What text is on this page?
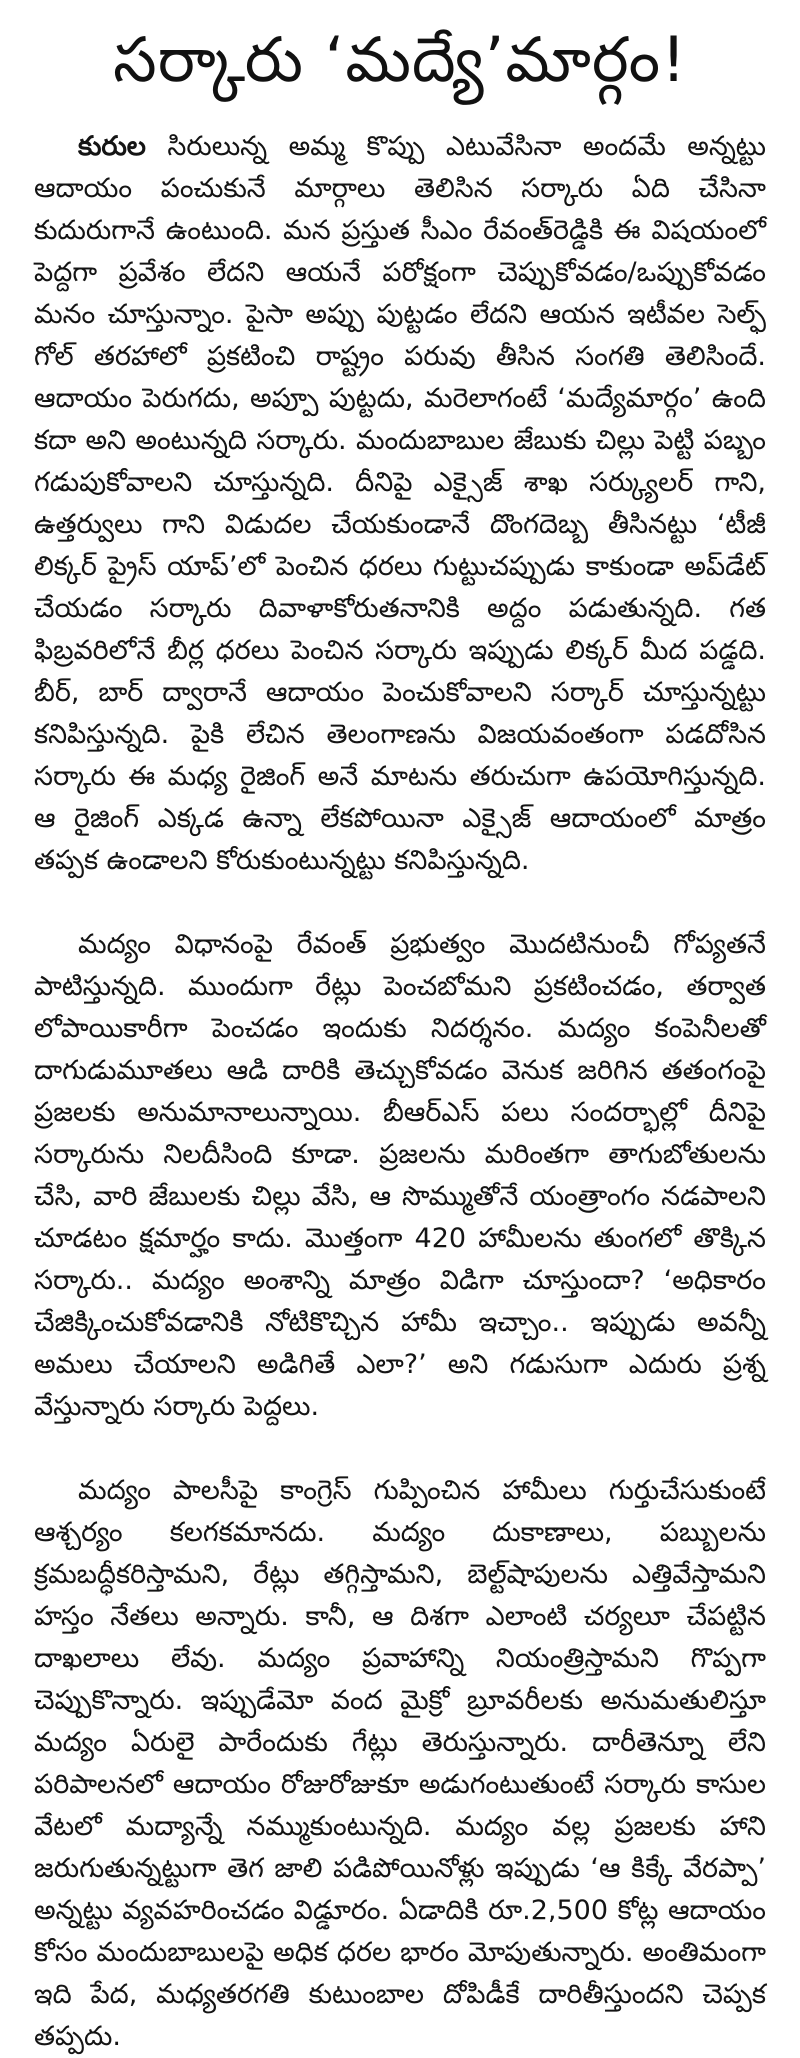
సర్కారు ‘మద్యే’మార్గం!

కురుల సిరులున్న అమ్మ కొప్పు ఎటువేసినా అందమే అన్నట్టు ఆదాయం పంచుకునే మార్గాలు తెలిసిన సర్కారు ఏది చేసినా కుదురుగానే ఉంటుంది. మన ప్రస్తుత సీఎం రేవంత్‌రెడ్డికి ఈ విషయంలో పెద్దగా ప్రవేశం లేదని ఆయనే పరోక్షంగా చెప్పుకోవడం/ఒప్పుకోవడం మనం చూస్తున్నాం. పైసా అప్పు పుట్టడం లేదని ఆయన ఇటీవల సెల్ఫ్ గోల్ తరహాలో ప్రకటించి రాష్ట్రం పరువు తీసిన సంగతి తెలిసిందే. ఆదాయం పెరుగదు, అప్పూ పుట్టదు, మరెలాగంటే ‘మద్యేమార్గం’ ఉంది కదా అని అంటున్నది సర్కారు. మందుబాబుల జేబుకు చిల్లు పెట్టి పబ్బం గడుపుకోవాలని చూస్తున్నది. దీనిపై ఎక్సైజ్ శాఖ సర్క్యులర్ గాని, ఉత్తర్వులు గాని విడుదల చేయకుండానే దొంగదెబ్బ తీసినట్టు ‘టీజీ లిక్కర్ ప్రైస్ యాప్’లో పెంచిన ధరలు గుట్టుచప్పుడు కాకుండా అప్‌డేట్ చేయడం సర్కారు దివాళాకోరుతనానికి అద్దం పడుతున్నది. గత ఫిబ్రవరిలోనే బీర్ల ధరలు పెంచిన సర్కారు ఇప్పుడు లిక్కర్ మీద పడ్డది. బీర్, బార్ ద్వారానే ఆదాయం పెంచుకోవాలని సర్కార్ చూస్తున్నట్టు కనిపిస్తున్నది. పైకి లేచిన తెలంగాణను విజయవంతంగా పడదోసిన సర్కారు ఈ మధ్య రైజింగ్ అనే మాటను తరుచుగా ఉపయోగిస్తున్నది. ఆ రైజింగ్ ఎక్కడ ఉన్నా లేకపోయినా ఎక్సైజ్ ఆదాయంలో మాత్రం తప్పక ఉండాలని కోరుకుంటున్నట్టు కనిపిస్తున్నది.

మద్యం విధానంపై రేవంత్ ప్రభుత్వం మొదటినుంచీ గోప్యతనే పాటిస్తున్నది. ముందుగా రేట్లు పెంచబోమని ప్రకటించడం, తర్వాత లోపాయికారీగా పెంచడం ఇందుకు నిదర్శనం. మద్యం కంపెనీలతో దాగుడుమూతలు ఆడి దారికి తెచ్చుకోవడం వెనుక జరిగిన తతంగంపై ప్రజలకు అనుమానాలున్నాయి. బీఆర్ఎస్ పలు సందర్భాల్లో దీనిపై సర్కారును నిలదీసింది కూడా. ప్రజలను మరింతగా తాగుబోతులను చేసి, వారి జేబులకు చిల్లు వేసి, ఆ సొమ్ముతోనే యంత్రాంగం నడపాలని చూడటం క్షమార్హం కాదు. మొత్తంగా 420 హామీలను తుంగలో తొక్కిన సర్కారు.. మద్యం అంశాన్ని మాత్రం విడిగా చూస్తుందా? ‘అధికారం చేజిక్కించుకోవడానికి నోటికొచ్చిన హామీ ఇచ్చాం.. ఇప్పుడు అవన్నీ అమలు చేయాలని అడిగితే ఎలా?’ అని గడుసుగా ఎదురు ప్రశ్న వేస్తున్నారు సర్కారు పెద్దలు.

మద్యం పాలసీపై కాంగ్రెస్ గుప్పించిన హామీలు గుర్తుచేసుకుంటే ఆశ్చర్యం కలగకమానదు. మద్యం దుకాణాలు, పబ్బులను క్రమబద్ధీకరిస్తామని, రేట్లు తగ్గిస్తామని, బెల్ట్‌షాపులను ఎత్తివేస్తామని హస్తం నేతలు అన్నారు. కానీ, ఆ దిశగా ఎలాంటి చర్యలూ చేపట్టిన దాఖలాలు లేవు. మద్యం ప్రవాహాన్ని నియంత్రిస్తామని గొప్పగా చెప్పుకొన్నారు. ఇప్పుడేమో వంద మైక్రో బ్రూవరీలకు అనుమతులిస్తూ మద్యం ఏరులై పారేందుకు గేట్లు తెరుస్తున్నారు. దారీతెన్నూ లేని పరిపాలనలో ఆదాయం రోజురోజుకూ అడుగంటుతుంటే సర్కారు కాసుల వేటలో మద్యాన్నే నమ్ముకుంటున్నది. మద్యం వల్ల ప్రజలకు హాని జరుగుతున్నట్టుగా తెగ జాలి పడిపోయినోళ్లు ఇప్పుడు ‘ఆ కిక్కే వేరప్పా’ అన్నట్టు వ్యవహరించడం విడ్డూరం. ఏడాదికి రూ.2,500 కోట్ల ఆదాయం కోసం మందుబాబులపై అధిక ధరల భారం మోపుతున్నారు. అంతిమంగా ఇది పేద, మధ్యతరగతి కుటుంబాల దోపిడీకే దారితీస్తుందని చెప్పక తప్పదు.
